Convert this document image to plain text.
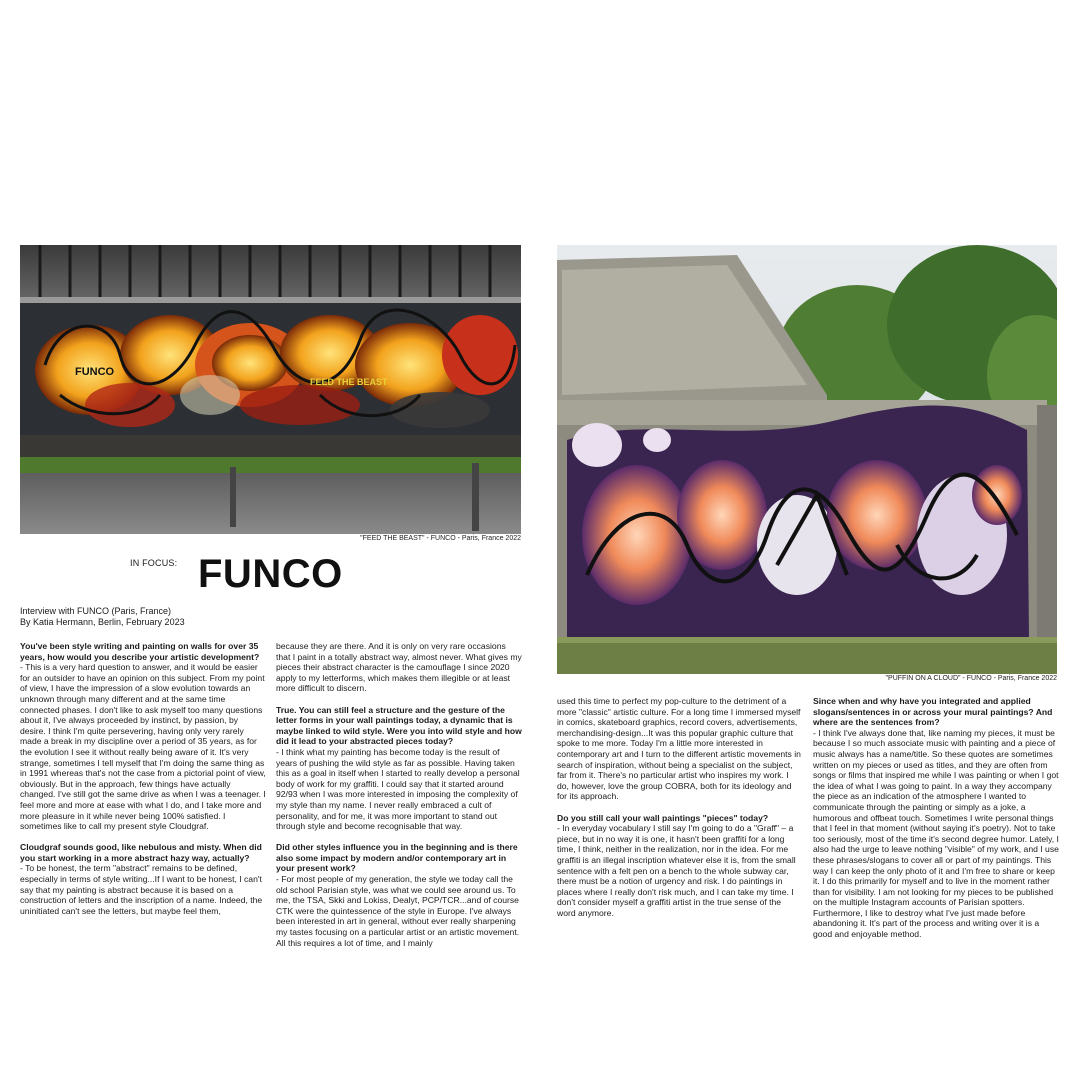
FUNCO
FEED THE BEAST
"FEED THE BEAST" - FUNCO - Paris, France 2022
"PUFFIN ON A CLOUD" - FUNCO - Paris, France 2022
IN FOCUS: FUNCO
Interview with FUNCO (Paris, France)
By Katia Hermann, Berlin, February 2023

You've been style writing and painting on walls for over 35 years, how would you describe your artistic development?

- This is a very hard question to answer, and it would be easier for an outsider to have an opinion on this subject. From my point of view, I have the impression of a slow evolution towards an unknown through many different and at the same time connected phases. I don't like to ask myself too many questions about it, I've always proceeded by instinct, by passion, by desire. I think I'm quite persevering, having only very rarely made a break in my discipline over a period of 35 years, as for the evolution I see it without really being aware of it. It's very strange, sometimes I tell myself that I'm doing the same thing as in 1991 whereas that's not the case from a pictorial point of view, obviously. But in the approach, few things have actually changed. I've still got the same drive as when I was a teenager. I feel more and more at ease with what I do, and I take more and more pleasure in it while never being 100% satisfied. I sometimes like to call my present style Cloudgraf.

Cloudgraf sounds good, like nebulous and misty. When did you start working in a more abstract hazy way, actually?

- To be honest, the term "abstract" remains to be defined, especially in terms of style writing...If I want to be honest, I can't say that my painting is abstract because it is based on a construction of letters and the inscription of a name. Indeed, the uninitiated can't see the letters, but maybe feel them,

because they are there. And it is only on very rare occasions that I paint in a totally abstract way, almost never. What gives my pieces their abstract character is the camouflage I since 2020 apply to my letterforms, which makes them illegible or at least more difficult to discern.

True. You can still feel a structure and the gesture of the letter forms in your wall paintings today, a dynamic that is maybe linked to wild style. Were you into wild style and how did it lead to your abstracted pieces today?

- I think what my painting has become today is the result of years of pushing the wild style as far as possible. Having taken this as a goal in itself when I started to really develop a personal body of work for my graffiti. I could say that it started around 92/93 when I was more interested in imposing the complexity of my style than my name. I never really embraced a cult of personality, and for me, it was more important to stand out through style and become recognisable that way.

Did other styles influence you in the beginning and is there also some impact by modern and/or contemporary art in your present work?

- For most people of my generation, the style we today call the old school Parisian style, was what we could see around us. To me, the TSA, Skki and Lokiss, Dealyt, PCP/TCR...and of course CTK were the quintessence of the style in Europe. I've always been interested in art in general, without ever really sharpening my tastes focusing on a particular artist or an artistic movement. All this requires a lot of time, and I mainly

used this time to perfect my pop-culture to the detriment of a more "classic" artistic culture. For a long time I immersed myself in comics, skateboard graphics, record covers, advertisements, merchandising-design...It was this popular graphic culture that spoke to me more. Today I'm a little more interested in contemporary art and I turn to the different artistic movements in search of inspiration, without being a specialist on the subject, far from it. There's no particular artist who inspires my work. I do, however, love the group COBRA, both for its ideology and for its approach.

Do you still call your wall paintings "pieces" today?

- In everyday vocabulary I still say I'm going to do a "Graff" – a piece, but in no way it is one, it hasn't been graffiti for a long time, I think, neither in the realization, nor in the idea. For me graffiti is an illegal inscription whatever else it is, from the small sentence with a felt pen on a bench to the whole subway car, there must be a notion of urgency and risk. I do paintings in places where I really don't risk much, and I can take my time. I don't consider myself a graffiti artist in the true sense of the word anymore.

Since when and why have you integrated and applied slogans/sentences in or across your mural paintings? And where are the sentences from?

- I think I've always done that, like naming my pieces, it must be because I so much associate music with painting and a piece of music always has a name/title. So these quotes are sometimes written on my pieces or used as titles, and they are often from songs or films that inspired me while I was painting or when I got the idea of what I was going to paint. In a way they accompany the piece as an indication of the atmosphere I wanted to communicate through the painting or simply as a joke, a humorous and offbeat touch. Sometimes I write personal things that I feel in that moment (without saying it's poetry). Not to take too seriously, most of the time it's second degree humor. Lately, I also had the urge to leave nothing "visible" of my work, and I use these phrases/slogans to cover all or part of my paintings. This way I can keep the only photo of it and I'm free to share or keep it. I do this primarily for myself and to live in the moment rather than for visibility. I am not looking for my pieces to be published on the multiple Instagram accounts of Parisian spotters. Furthermore, I like to destroy what I've just made before abandoning it. It's part of the process and writing over it is a good and enjoyable method.
